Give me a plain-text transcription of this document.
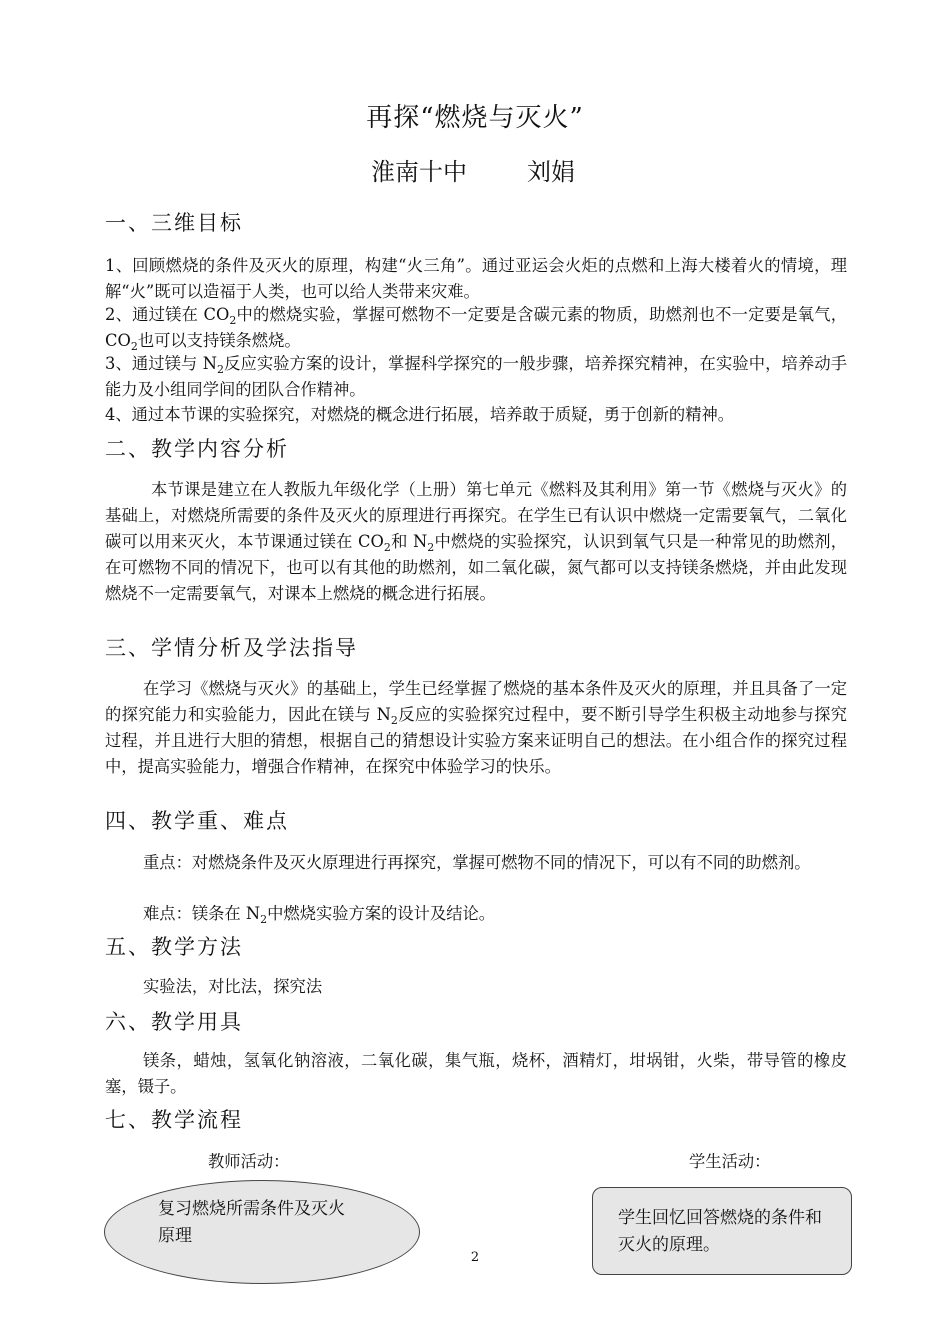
再探“燃烧与灭火”
淮南十中	刘娟
一、三维目标

1、回顾燃烧的条件及灭火的原理，构建“火三角”。通过亚运会火炬的点燃和上海大楼着火的情境，理解“火”既可以造福于人类，也可以给人类带来灾难。

2、通过镁在 $CO_2$中的燃烧实验，掌握可燃物不一定要是含碳元素的物质，助燃剂也不一定要是氧气，$CO_2$也可以支持镁条燃烧。

3、通过镁与 $N_2$反应实验方案的设计，掌握科学探究的一般步骤，培养探究精神，在实验中，培养动手能力及小组同学间的团队合作精神。

4、通过本节课的实验探究，对燃烧的概念进行拓展，培养敢于质疑，勇于创新的精神。

二、教学内容分析

本节课是建立在人教版九年级化学（上册）第七单元《燃料及其利用》第一节《燃烧与灭火》的基础上，对燃烧所需要的条件及灭火的原理进行再探究。在学生已有认识中燃烧一定需要氧气，二氧化碳可以用来灭火，本节课通过镁在 $CO_2$和 $N_2$中燃烧的实验探究，认识到氧气只是一种常见的助燃剂，在可燃物不同的情况下，也可以有其他的助燃剂，如二氧化碳，氮气都可以支持镁条燃烧，并由此发现燃烧不一定需要氧气，对课本上燃烧的概念进行拓展。

三、学情分析及学法指导

在学习《燃烧与灭火》的基础上，学生已经掌握了燃烧的基本条件及灭火的原理，并且具备了一定的探究能力和实验能力，因此在镁与 $N_2$反应的实验探究过程中，要不断引导学生积极主动地参与探究过程，并且进行大胆的猜想，根据自己的猜想设计实验方案来证明自己的想法。在小组合作的探究过程中，提高实验能力，增强合作精神，在探究中体验学习的快乐。

四、教学重、难点

重点：对燃烧条件及灭火原理进行再探究，掌握可燃物不同的情况下，可以有不同的助燃剂。

难点：镁条在 $N_2$中燃烧实验方案的设计及结论。

五、教学方法

实验法，对比法，探究法

六、教学用具

镁条，蜡烛，氢氧化钠溶液，二氧化碳，集气瓶，烧杯，酒精灯，坩埚钳，火柴，带导管的橡皮塞，镊子。

七、教学流程
教师活动：	学生活动：
复习燃烧所需条件及灭火原理
学生回忆回答燃烧的条件和灭火的原理。
2
